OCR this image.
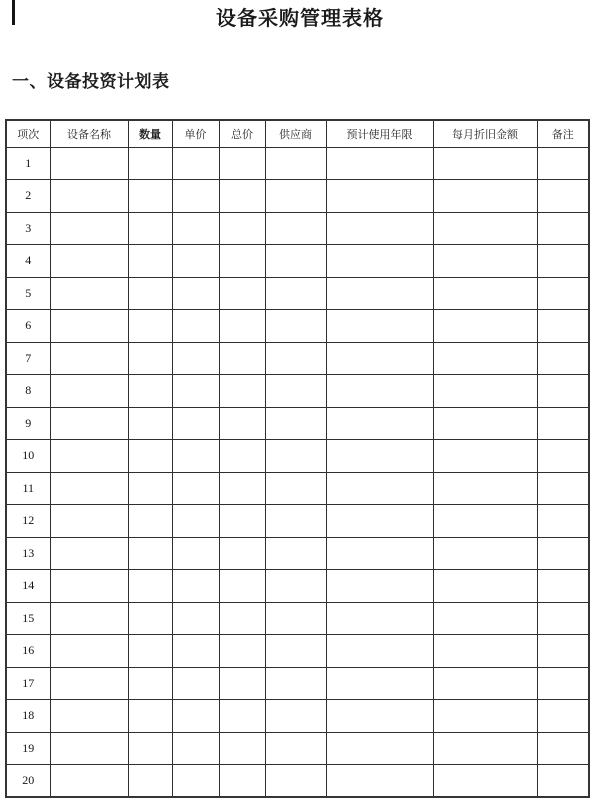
设备采购管理表格
一、设备投资计划表
项次	设备名称	数量	单价	总价	供应商	预计使用年限	每月折旧金额	备注
1								
2								
3								
4								
5								
6								
7								
8								
9								
10								
11								
12								
13								
14								
15								
16								
17								
18								
19								
20								
